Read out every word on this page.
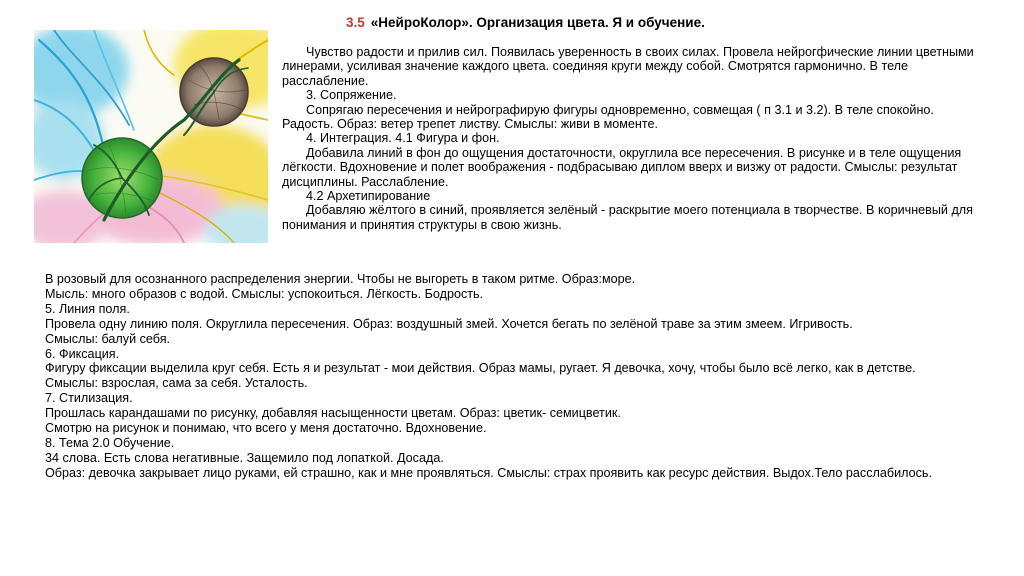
3.5 «НейроКолор». Организация цвета. Я и обучение.

Чувство радости и прилив сил. Появилась уверенность в своих силах. Провела нейрогфические линии цветными линерами, усиливая значение каждого цвета. соединяя круги между собой. Смотрятся гармонично. В теле расслабление.

3. Сопряжение.

Сопрягаю пересечения и нейрографирую фигуры одновременно, совмещая ( п 3.1 и 3.2). В теле спокойно. Радость. Образ: ветер трепет листву. Смыслы: живи в моменте.

4. Интеграция. 4.1 Фигура и фон.

Добавила линий в фон до ощущения достаточности, округлила все пересечения. В рисунке и в теле ощущения лёгкости. Вдохновение и полет воображения - подбрасываю диплом вверх и визжу от радости. Смыслы: результат дисциплины. Расслабление.

4.2 Архетипирование

Добавляю жёлтого в синий, проявляется зелёный - раскрытие моего потенциала в творчестве. В коричневый для понимания и принятия структуры в свою жизнь.

В розовый для осознанного распределения энергии. Чтобы не выгореть в таком ритме. Образ:море.

Мысль: много образов с водой. Смыслы: успокоиться. Лёгкость. Бодрость.

5. Линия поля.

Провела одну линию поля. Округлила пересечения. Образ: воздушный змей. Хочется бегать по зелёной траве за этим змеем. Игривость.

Смыслы: балуй себя.

6. Фиксация.

Фигуру фиксации выделила круг себя. Есть я и результат - мои действия. Образ мамы, ругает. Я девочка, хочу, чтобы было всё легко, как в детстве.

Смыслы: взрослая, сама за себя. Усталость.

7. Стилизация.

Прошлась карандашами по рисунку, добавляя насыщенности цветам. Образ: цветик- семицветик.

Смотрю на рисунок и понимаю, что всего у меня достаточно. Вдохновение.

8. Тема 2.0 Обучение.

34 слова. Есть слова негативные. Защемило под лопаткой. Досада.

Образ: девочка закрывает лицо руками, ей страшно, как и мне проявляться. Смыслы: страх проявить как ресурс действия. Выдох.Тело расслабилось.
